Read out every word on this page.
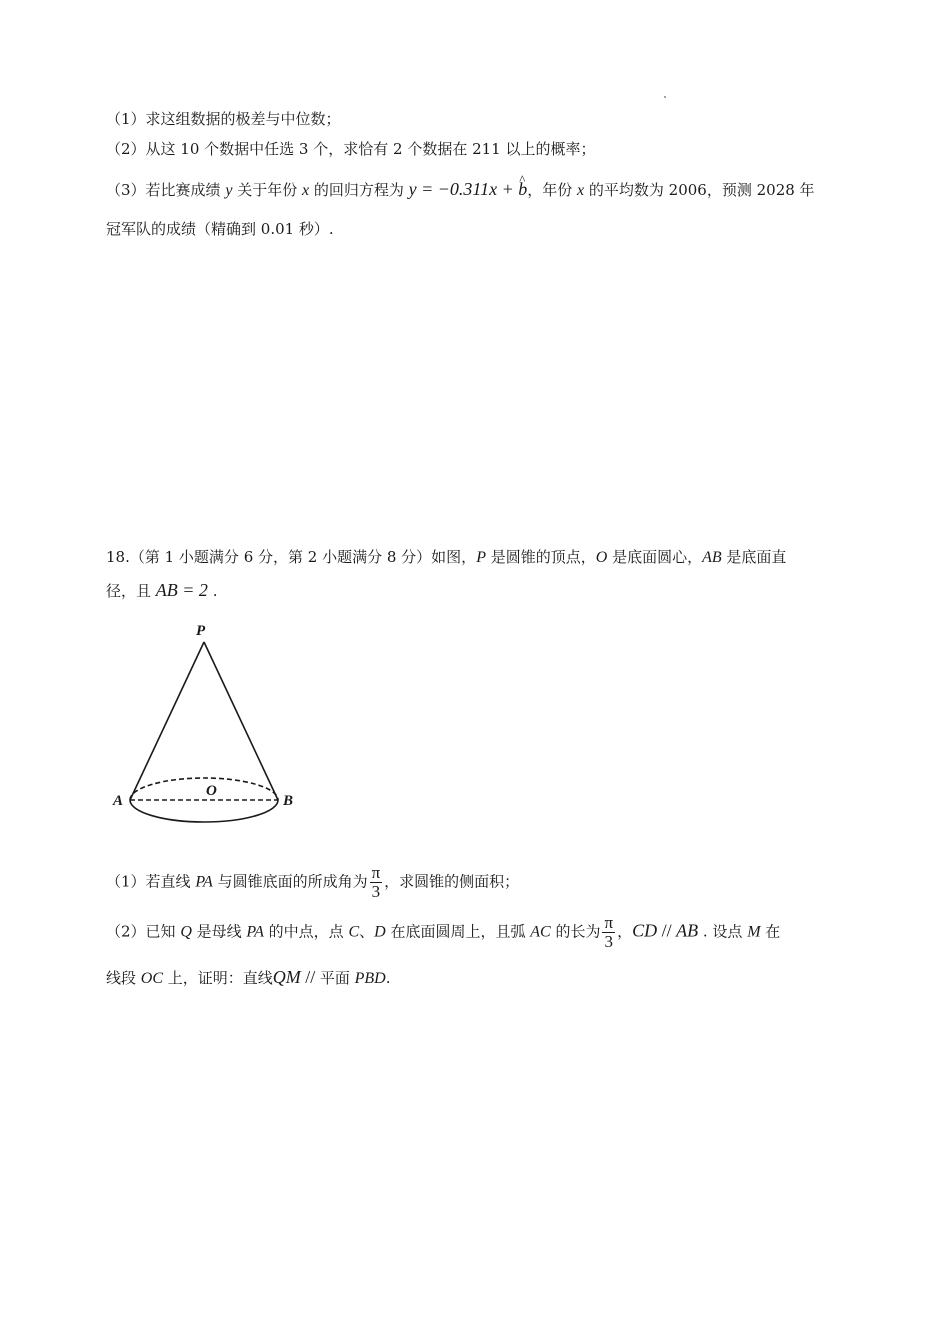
（1）求这组数据的极差与中位数；
（2）从这 10 个数据中任选 3 个，求恰有 2 个数据在 211 以上的概率；
（3）若比赛成绩 y 关于年份 x 的回归方程为 y = −0.311x + ^ b，年份 x 的平均数为 2006，预测 2028 年
冠军队的成绩（精确到 0.01 秒）.
18.（第 1 小题满分 6 分，第 2 小题满分 8 分）如图，P 是圆锥的顶点，O 是底面圆心，AB 是底面直
径，且 AB = 2 .
P
A	B
O
（1）若直线 PA 与圆锥底面的所成角为 $\frac{\pi}{3}$ ，求圆锥的侧面积；
（2）已知 Q 是母线 PA 的中点，点 C、D 在底面圆周上，且弧 AC 的长为 $\frac{\pi}{3}$ ，CD // AB . 设点 M 在
线段 OC 上，证明：直线QM // 平面 PBD.
